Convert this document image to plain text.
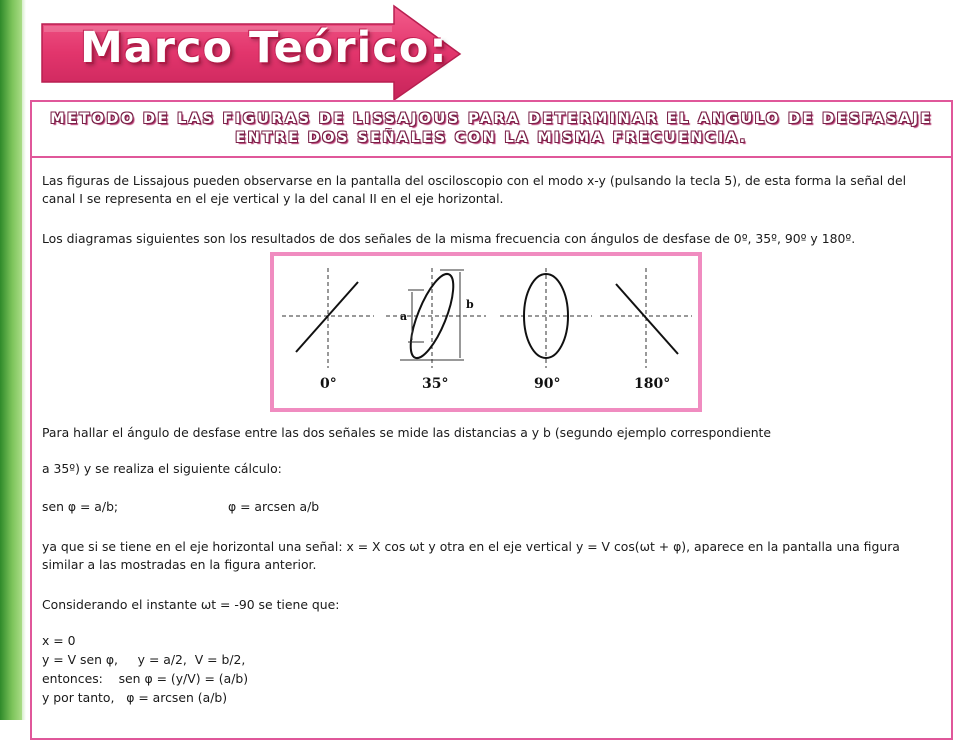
Marco Teórico:
METODO DE LAS FIGURAS DE LISSAJOUS PARA DETERMINAR EL ANGULO DE DESFASAJE ENTRE DOS SEÑALES CON LA MISMA FRECUENCIA.

Las figuras de Lissajous pueden observarse en la pantalla del osciloscopio con el modo x-y (pulsando la tecla 5), de esta forma la señal del canal I se representa en el eje vertical y la del canal II en el eje horizontal.

Los diagramas siguientes son los resultados de dos señales de la misma frecuencia con ángulos de desfase de 0º, 35º, 90º y 180º.

a
b
0°	35°	90°	180°

Para hallar el ángulo de desfase entre las dos señales se mide las distancias a y b (segundo ejemplo correspondiente

a 35º) y se realiza el siguiente cálculo:

sen φ = a/b;	φ = arcsen a/b

ya que si se tiene en el eje horizontal una señal: x = X cos ωt y otra en el eje vertical y = V cos(ωt + φ), aparece en la pantalla una figura similar a las mostradas en la figura anterior.

Considerando el instante ωt = -90 se tiene que:

x = 0

y = V sen φ,     y = a/2,  V = b/2,

entonces:    sen φ = (y/V) = (a/b)

y por tanto,   φ = arcsen (a/b)
